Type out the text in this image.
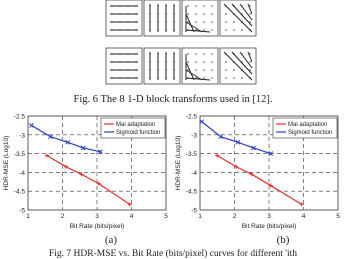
Fig. 6 The 8 1-D block transforms used in [12].
-2.5
-3
-3.5
-4
-4.5
-5
1	2	3	4	5
Bit Rate (bits/pixel)
HDR-MSE (Log10)
Mai adaptation
Sigmoid function
-2.5
-3
-3.5
-4
-4.5
-5
1	2	3	4	5
Bit Rate (bits/pixel)
HDR-MSE (Log10)
Mai adaptation
Sigmoid function
(a)	(b)
Fig. 7 HDR-MSE vs. Bit Rate (bits/pixel) curves for different 'ith
